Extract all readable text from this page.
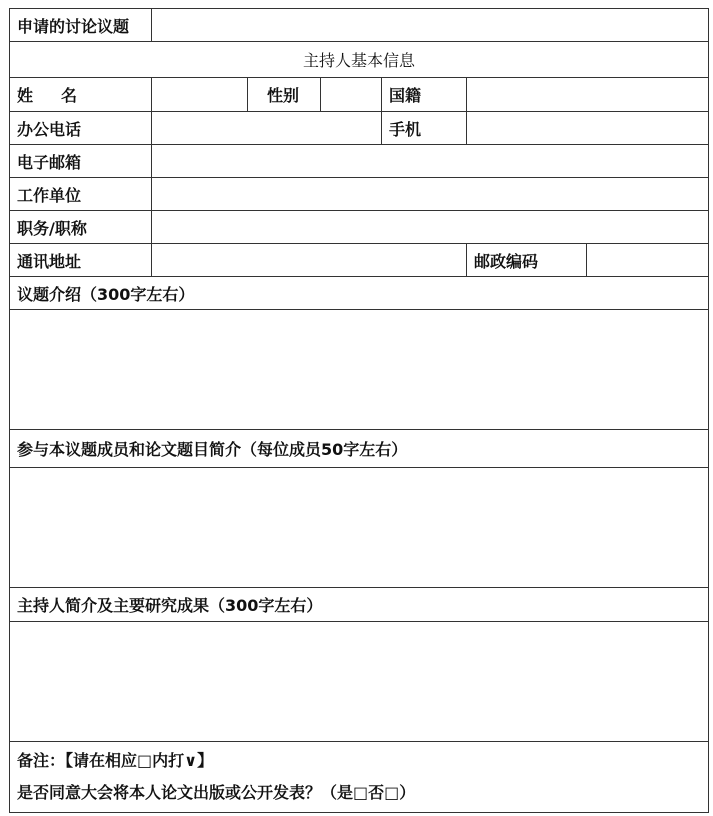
申请的讨论议题						
主持人基本信息						
姓 名		性别		国籍		
办公电话				手机		
电子邮箱						
工作单位						
职务/职称						
通讯地址					邮政编码	
议题介绍（300字左右）						

参与本议题成员和论文题目简介（每位成员50字左右）						

主持人简介及主要研究成果（300字左右）						

备注：【请在相应□内打∨】
是否同意大会将本人论文出版或公开发表？（是□否□）						
